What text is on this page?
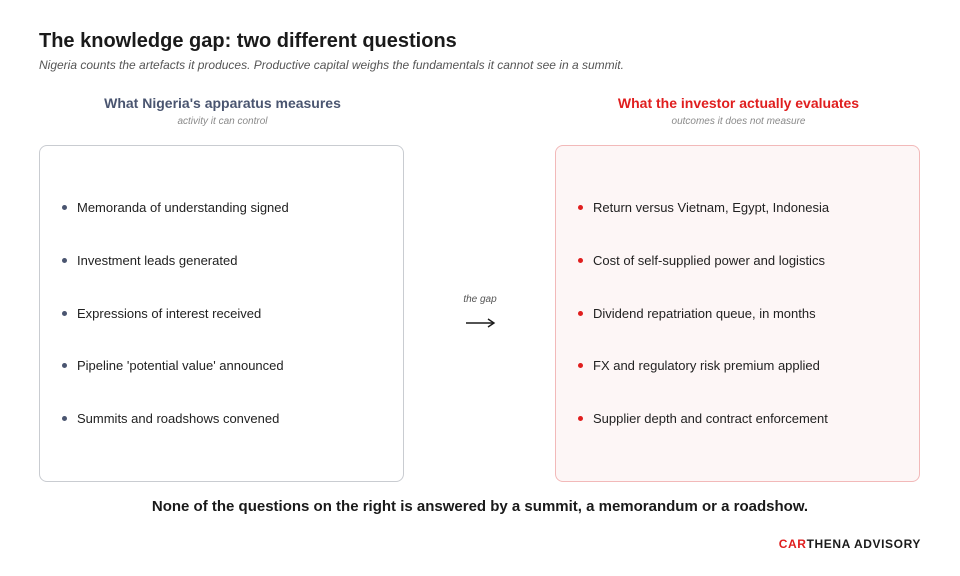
The knowledge gap: two different questions
Nigeria counts the artefacts it produces. Productive capital weighs the fundamentals it cannot see in a summit.
What Nigeria's apparatus measures
activity it can control
What the investor actually evaluates
outcomes it does not measure
Memoranda of understanding signed
Investment leads generated
Expressions of interest received
Pipeline 'potential value' announced
Summits and roadshows convened
the gap
Return versus Vietnam, Egypt, Indonesia
Cost of self-supplied power and logistics
Dividend repatriation queue, in months
FX and regulatory risk premium applied
Supplier depth and contract enforcement
None of the questions on the right is answered by a summit, a memorandum or a roadshow.
CARTHENA ADVISORY
